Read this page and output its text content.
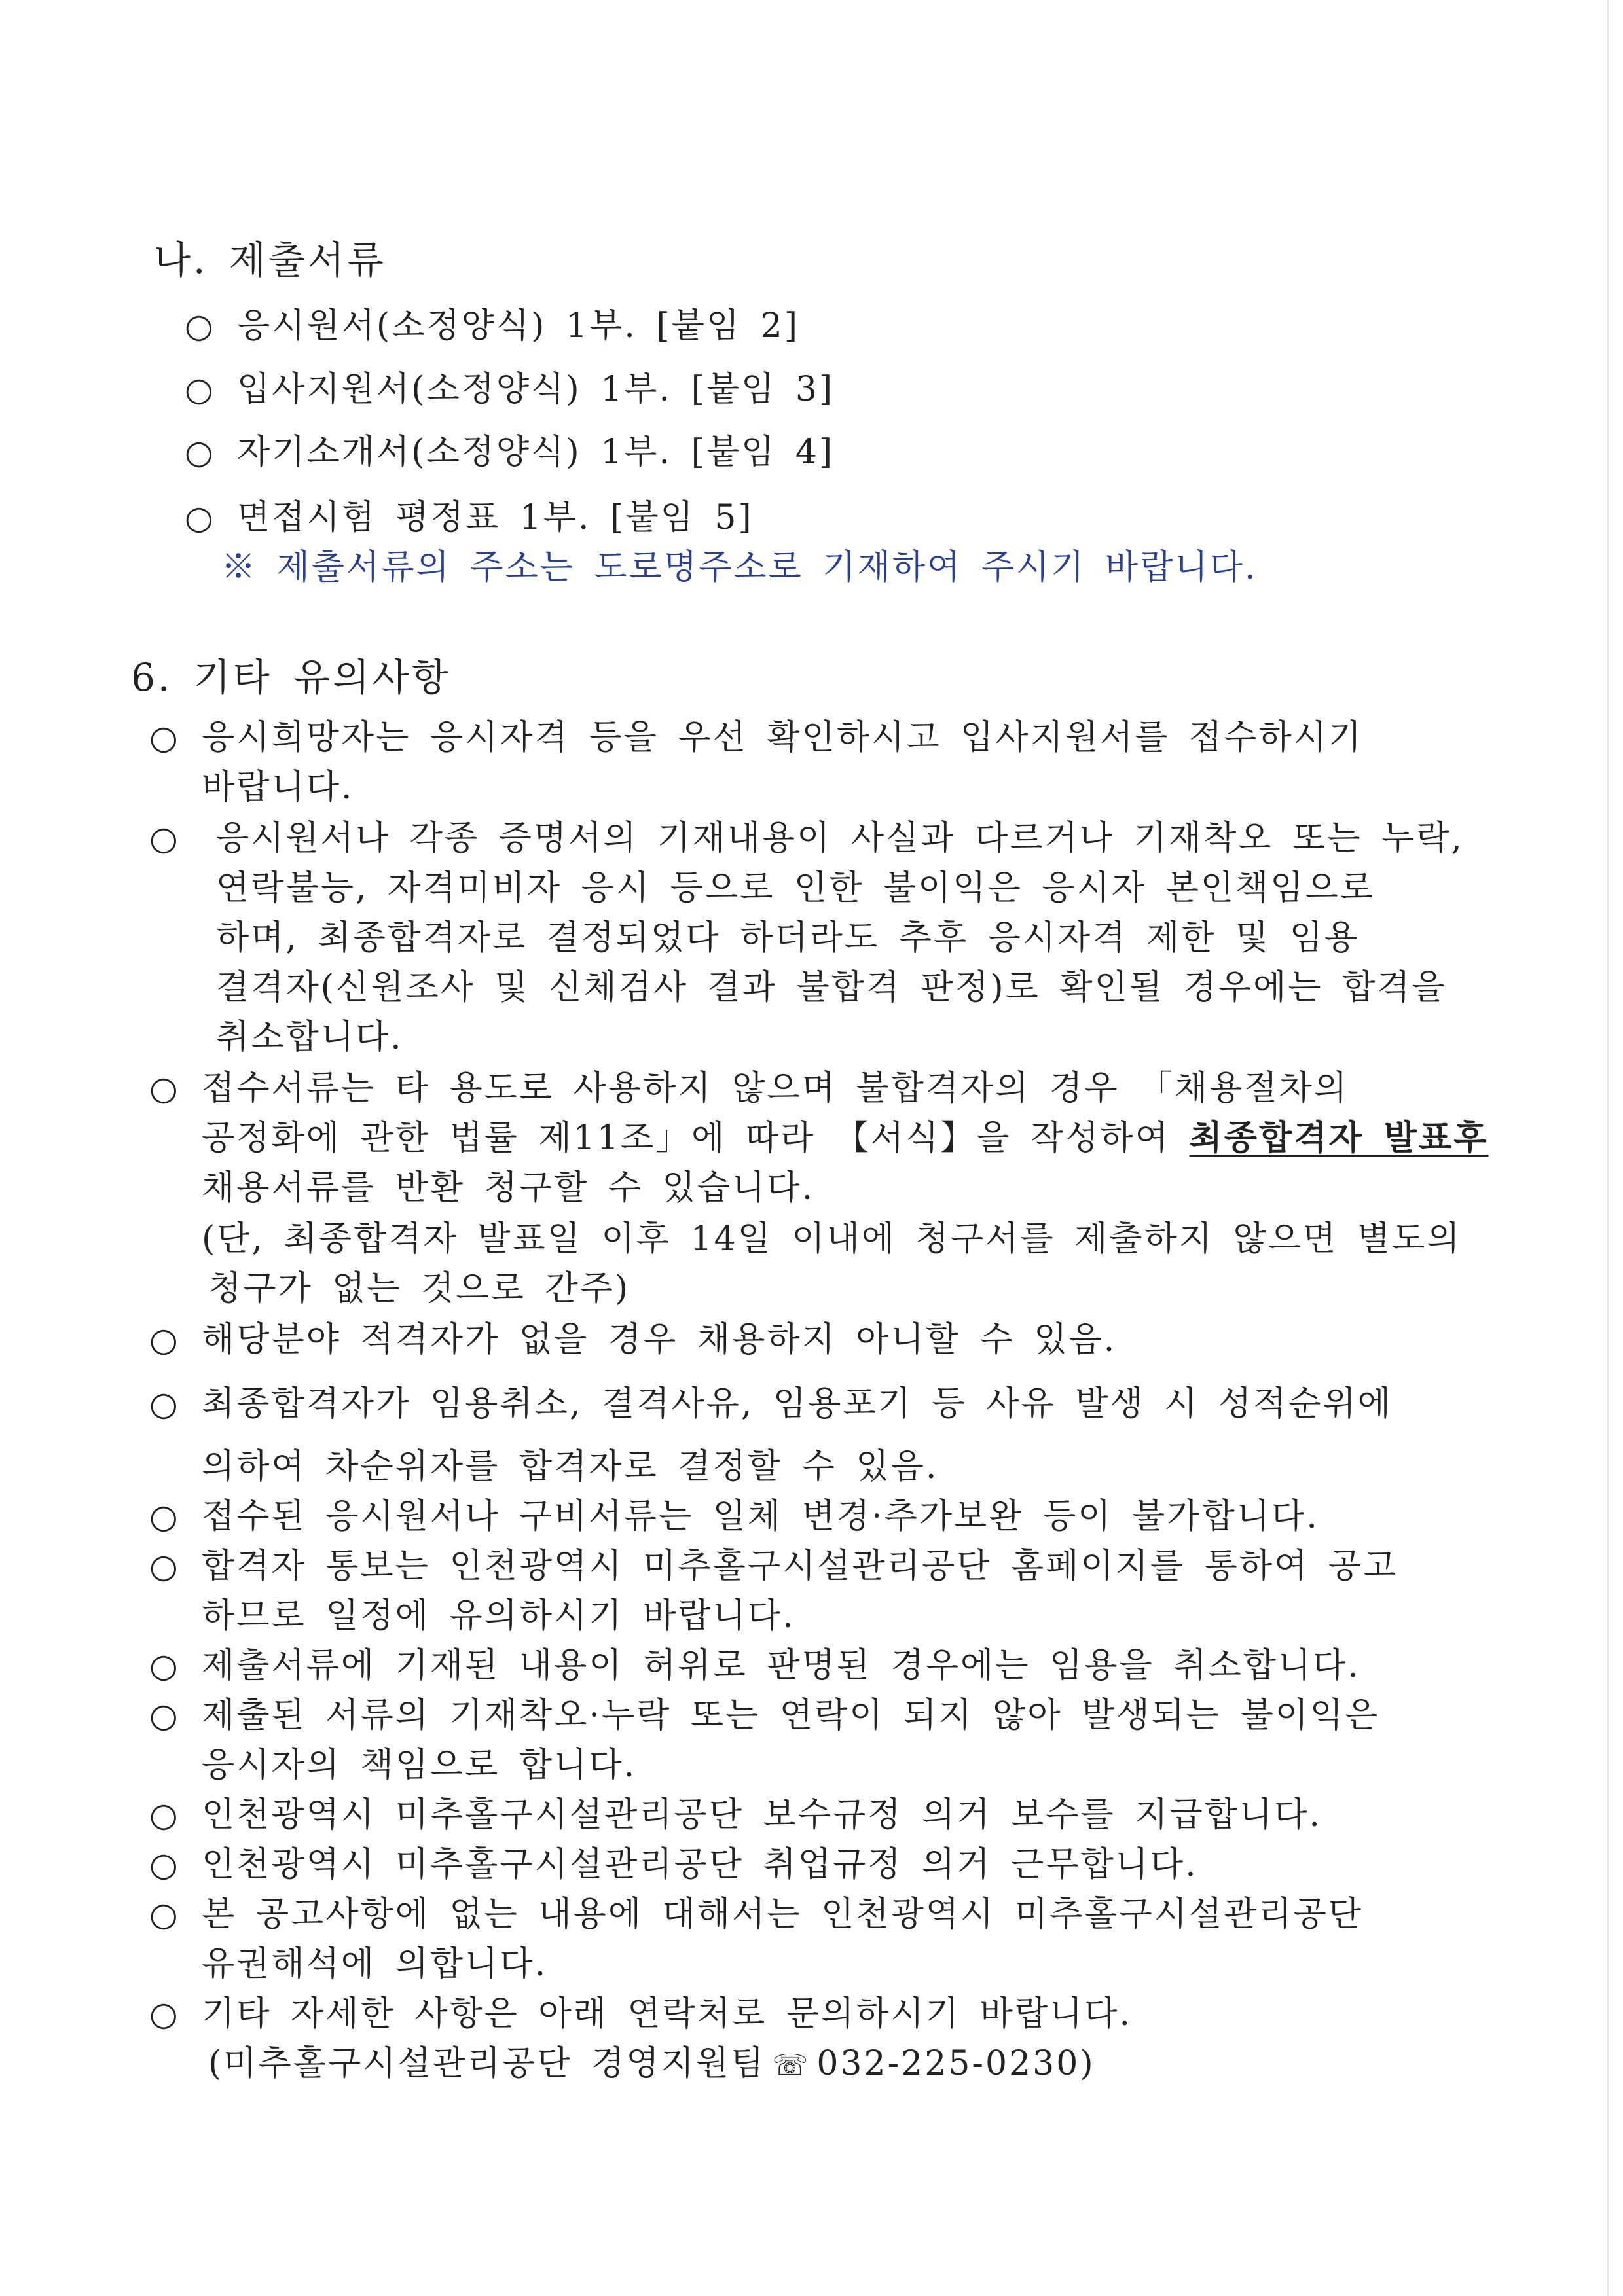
나. 제출서류
○ 응시원서(소정양식) 1부. [붙임 2]
○ 입사지원서(소정양식) 1부. [붙임 3]
○ 자기소개서(소정양식) 1부. [붙임 4]
○ 면접시험 평정표 1부. [붙임 5]
※ 제출서류의 주소는 도로명주소로 기재하여 주시기 바랍니다.
6. 기타 유의사항
○ 응시희망자는 응시자격 등을 우선 확인하시고 입사지원서를 접수하시기
바랍니다.
○ 응시원서나 각종 증명서의 기재내용이 사실과 다르거나 기재착오 또는 누락,
연락불능, 자격미비자 응시 등으로 인한 불이익은 응시자 본인책임으로
하며, 최종합격자로 결정되었다 하더라도 추후 응시자격 제한 및 임용
결격자(신원조사 및 신체검사 결과 불합격 판정)로 확인될 경우에는 합격을
취소합니다.
○ 접수서류는 타 용도로 사용하지 않으며 불합격자의 경우 「채용절차의
공정화에 관한 법률 제11조」에 따라 【서식】을 작성하여 최종합격자 발표후
채용서류를 반환 청구할 수 있습니다.
(단, 최종합격자 발표일 이후 14일 이내에 청구서를 제출하지 않으면 별도의
청구가 없는 것으로 간주)
○ 해당분야 적격자가 없을 경우 채용하지 아니할 수 있음.
○ 최종합격자가 임용취소, 결격사유, 임용포기 등 사유 발생 시 성적순위에
의하여 차순위자를 합격자로 결정할 수 있음.
○ 접수된 응시원서나 구비서류는 일체 변경·추가보완 등이 불가합니다.
○ 합격자 통보는 인천광역시 미추홀구시설관리공단 홈페이지를 통하여 공고
하므로 일정에 유의하시기 바랍니다.
○ 제출서류에 기재된 내용이 허위로 판명된 경우에는 임용을 취소합니다.
○ 제출된 서류의 기재착오·누락 또는 연락이 되지 않아 발생되는 불이익은
응시자의 책임으로 합니다.
○ 인천광역시 미추홀구시설관리공단 보수규정 의거 보수를 지급합니다.
○ 인천광역시 미추홀구시설관리공단 취업규정 의거 근무합니다.
○ 본 공고사항에 없는 내용에 대해서는 인천광역시 미추홀구시설관리공단
유권해석에 의합니다.
○ 기타 자세한 사항은 아래 연락처로 문의하시기 바랍니다.
(미추홀구시설관리공단 경영지원팀 ☏ 032-225-0230)
